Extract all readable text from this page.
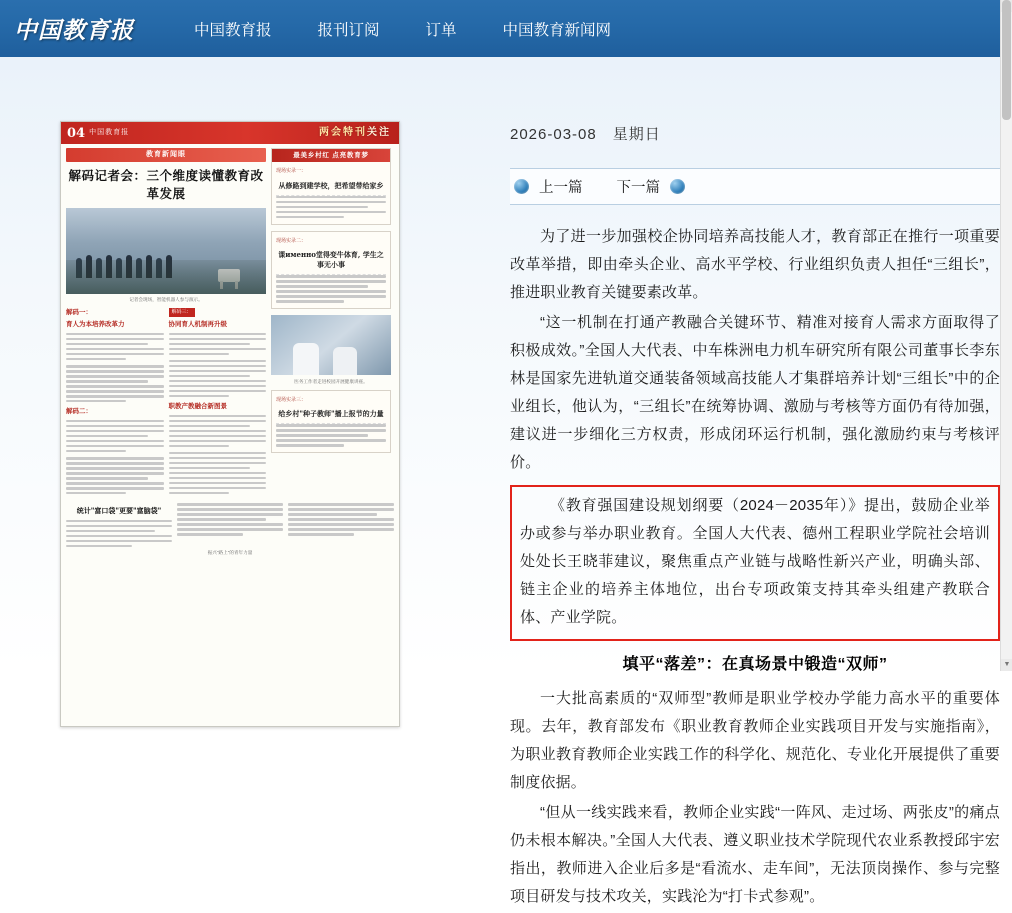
中国教育报	中国教育报	报刊订阅	订单	中国教育新闻网
04 中国教育报	两会特刊关注
教育新闻眼
解码记者会：三个维度读懂教育改革发展
记者会现场，智能机器人参与演示。
解码一：
育人为本培养改革力
解码二：
解码三：
协同育人机制再升级
职教产教融合新图景
最美乡村红 点亮教育梦
现场实录一：
从修路到建学校，把希望带给家乡
现场实录二：
课именно堂得变牛体育, 学生之事无小事
医务工作者走进校园开展健康讲座。
现场实录三：
给乡村"种子教师"播上报节的力量
统计"富口袋"更要"富脑袋"
振兴"路上"的青年力量
2026-03-08　星期日
上一篇 下一篇

为了进一步加强校企协同培养高技能人才，教育部正在推行一项重要改革举措，即由牵头企业、高水平学校、行业组织负责人担任“三组长”，推进职业教育关键要素改革。

“这一机制在打通产教融合关键环节、精准对接育人需求方面取得了积极成效。”全国人大代表、中车株洲电力机车研究所有限公司董事长李东林是国家先进轨道交通装备领域高技能人才集群培养计划“三组长”中的企业组长，他认为，“三组长”在统筹协调、激励与考核等方面仍有待加强，建议进一步细化三方权责，形成闭环运行机制，强化激励约束与考核评价。

《教育强国建设规划纲要（2024－2035年）》提出，鼓励企业举办或参与举办职业教育。全国人大代表、德州工程职业学院社会培训处处长王晓菲建议，聚焦重点产业链与战略性新兴产业，明确头部、链主企业的培养主体地位，出台专项政策支持其牵头组建产教联合体、产业学院。

填平“落差”：在真场景中锻造“双师”

一大批高素质的“双师型”教师是职业学校办学能力高水平的重要体现。去年，教育部发布《职业教育教师企业实践项目开发与实施指南》，为职业教育教师企业实践工作的科学化、规范化、专业化开展提供了重要制度依据。

“但从一线实践来看，教师企业实践“一阵风、走过场、两张皮”的痛点仍未根本解决。”全国人大代表、遵义职业技术学院现代农业系教授邱宇宏指出，教师进入企业后多是“看流水、走车间”，无法顶岗操作、参与完整项目研发与技术攻关，实践沦为“打卡式参观”。

▼
